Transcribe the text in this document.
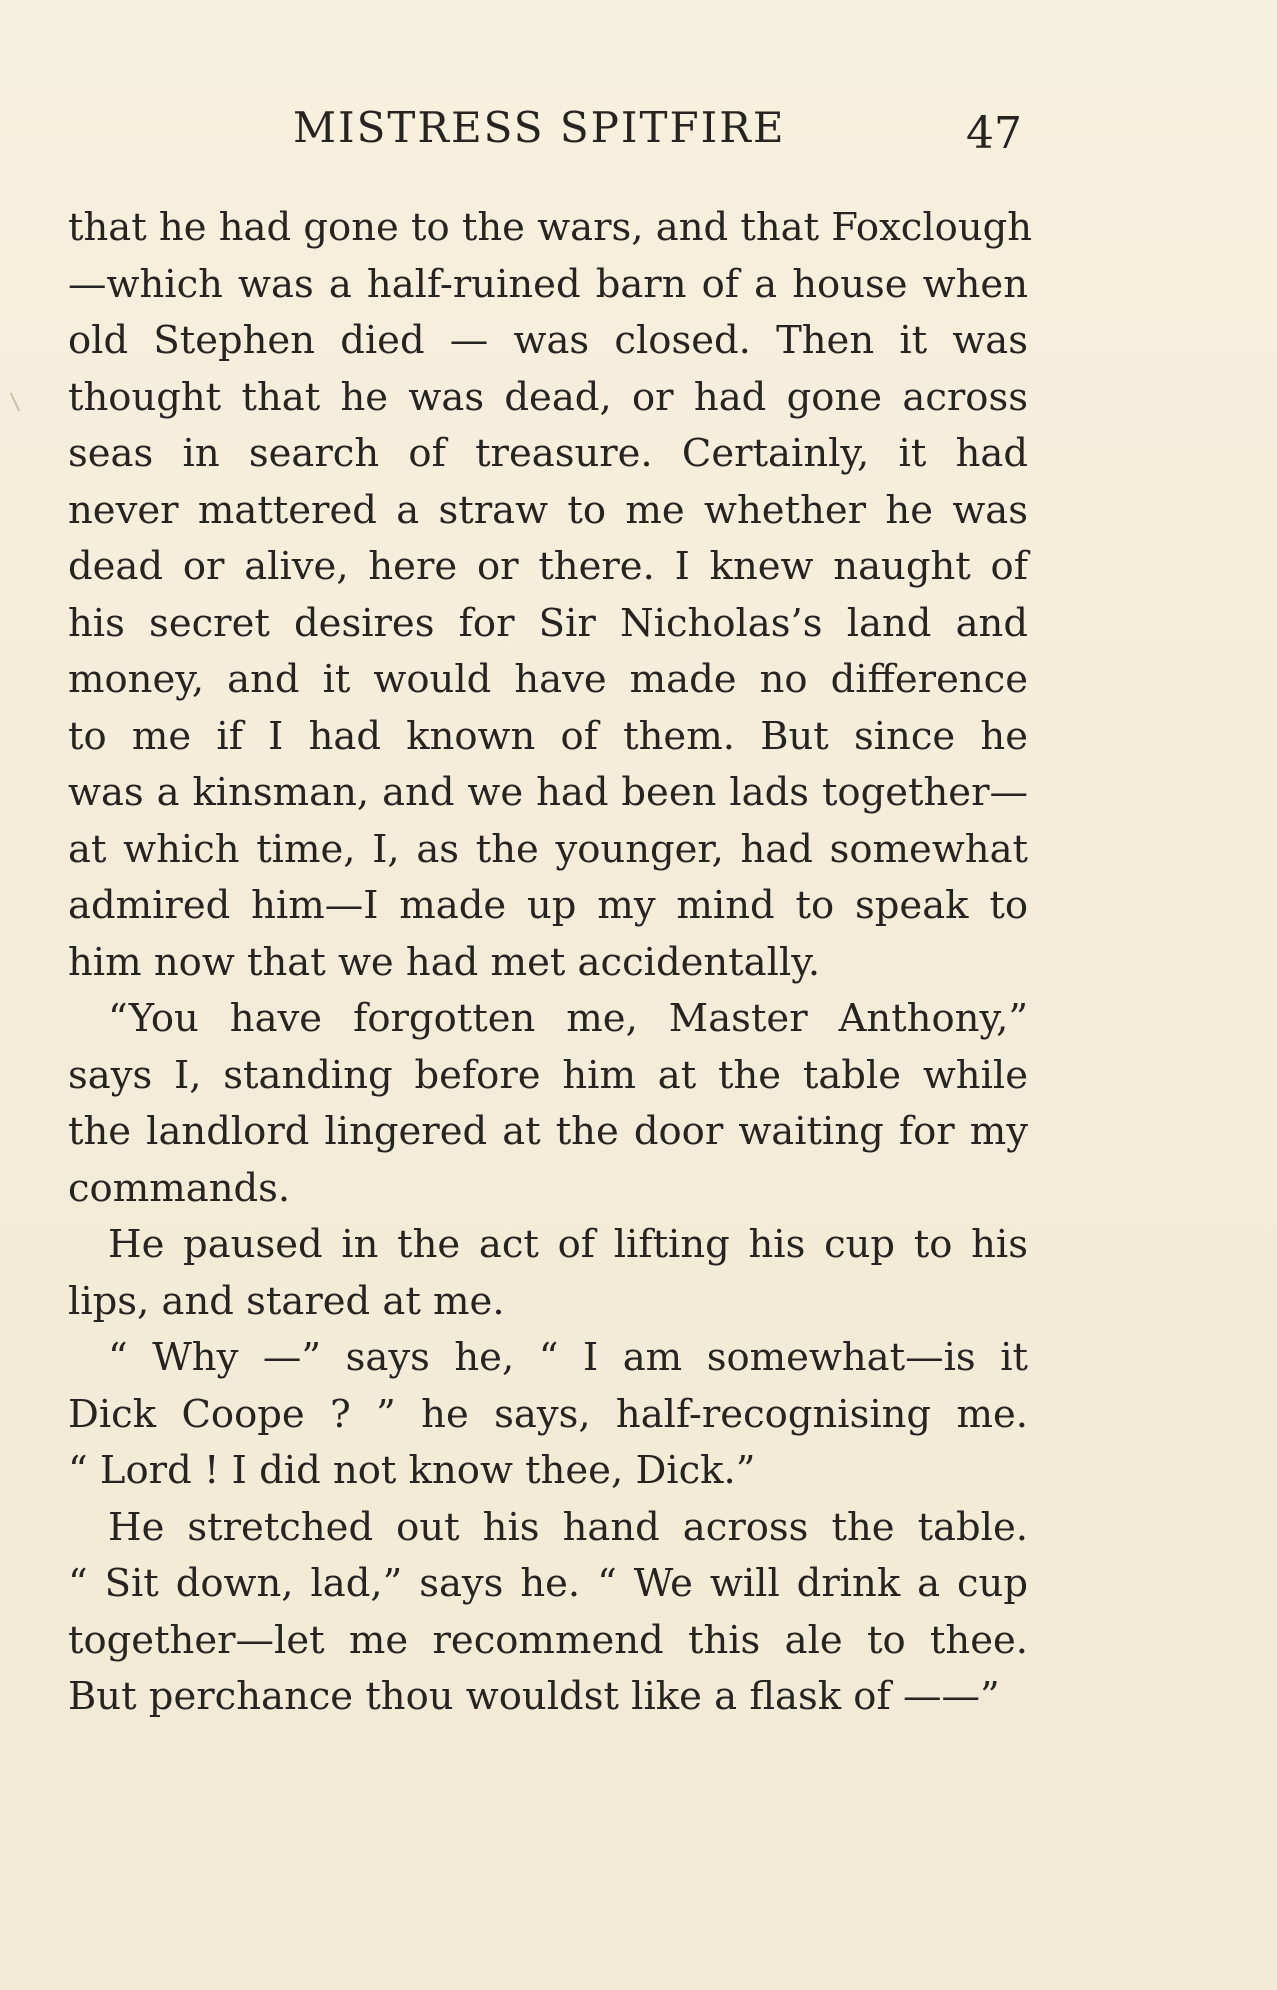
MISTRESS SPITFIRE	47
that he had gone to the wars, and that Foxclough
—which was a half-ruined barn of a house when
old Stephen died — was closed. Then it was
thought that he was dead, or had gone across
seas in search of treasure. Certainly, it had
never mattered a straw to me whether he was
dead or alive, here or there. I knew naught of
his secret desires for Sir Nicholas’s land and
money, and it would have made no difference
to me if I had known of them. But since he
was a kinsman, and we had been lads together—
at which time, I, as the younger, had somewhat
admired him—I made up my mind to speak to
him now that we had met accidentally.
“You have forgotten me, Master Anthony,”
says I, standing before him at the table while
the landlord lingered at the door waiting for my
commands.
He paused in the act of lifting his cup to his
lips, and stared at me.
“ Why —” says he, “ I am somewhat—is it
Dick Coope ? ” he says, half-recognising me.
“ Lord ! I did not know thee, Dick.”
He stretched out his hand across the table.
“ Sit down, lad,” says he. “ We will drink a cup
together—let me recommend this ale to thee.
But perchance thou wouldst like a flask of ——”
